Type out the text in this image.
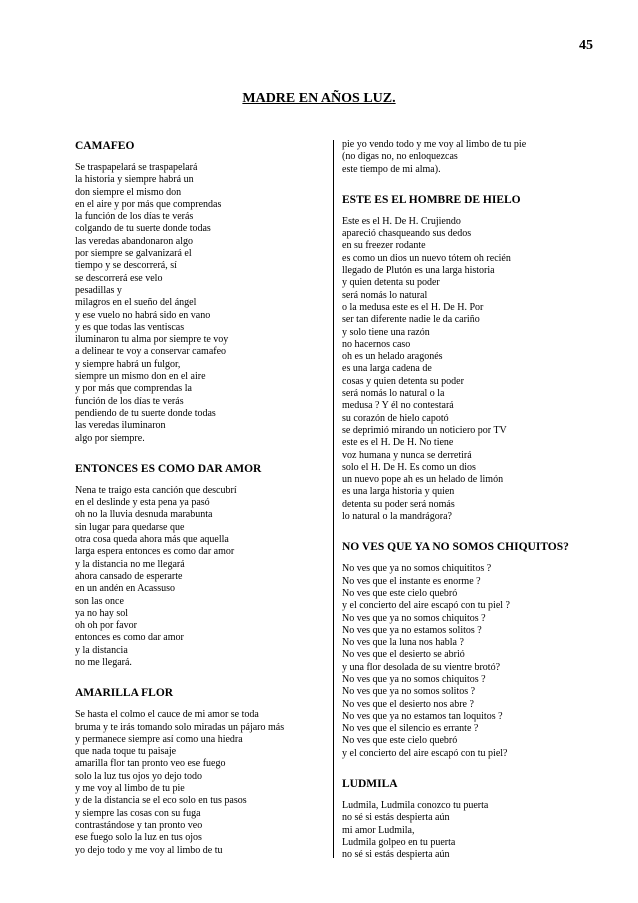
45
MADRE EN AÑOS LUZ.
CAMAFEO
Se traspapelará se traspapelará
la historia y siempre habrá un
don siempre el mismo don
en el aire y por más que comprendas
la función de los días te verás
colgando de tu suerte donde todas
las veredas abandonaron algo
por siempre se galvanizará el
tiempo y se descorrerá, sí
se descorrerá ese velo
pesadillas y
milagros en el sueño del ángel
y ese vuelo no habrá sido en vano
y es que todas las ventiscas
iluminaron tu alma por siempre te voy
a delinear te voy a conservar camafeo
y siempre habrá un fulgor,
siempre un mismo don en el aire
y por más que comprendas la
función de los días te verás
pendiendo de tu suerte donde todas
las veredas iluminaron
algo por siempre.
ENTONCES ES COMO DAR AMOR
Nena te traigo esta canción que descubrí
en el deslinde y esta pena ya pasó
oh no la lluvia desnuda marabunta
sin lugar para quedarse que
otra cosa queda ahora más que aquella
larga espera entonces es como dar amor
y la distancia no me llegará
ahora cansado de esperarte
en un andén en Acassuso
son las once
ya no hay sol
oh oh por favor
entonces es como dar amor
y la distancia
no me llegará.
AMARILLA FLOR
Se hasta el colmo el cauce de mi amor se toda
bruma y te irás tomando solo miradas un pájaro más
y permanece siempre así como una hiedra
que nada toque tu paisaje
amarilla flor tan pronto veo ese fuego
solo la luz tus ojos yo dejo todo
y me voy al limbo de tu pie
y de la distancia se el eco solo en tus pasos
y siempre las cosas con su fuga
contrastándose y tan pronto veo
ese fuego solo la luz en tus ojos
yo dejo todo y me voy al limbo de tu
pie yo vendo todo y me voy al limbo de tu pie
(no digas no, no enloquezcas
este tiempo de mi alma).
ESTE ES EL HOMBRE DE HIELO
Este es el H. De H. Crujiendo
apareció chasqueando sus dedos
en su freezer rodante
es como un dios un nuevo tótem oh recién
llegado de Plutón es una larga historia
y quien detenta su poder
será nomás lo natural
o la medusa este es el H. De H. Por
ser tan diferente nadie le da cariño
y solo tiene una razón
no hacernos caso
oh es un helado aragonés
es una larga cadena de
cosas y quien detenta su poder
será nomás lo natural o la
medusa ? Y él no contestará
su corazón de hielo capotó
se deprimió mirando un noticiero por TV
este es el H. De H. No tiene
voz humana y nunca se derretirá
solo el H. De H. Es como un dios
un nuevo pope ah es un helado de limón
es una larga historia y quien
detenta su poder será nomás
lo natural o la mandrágora?
NO VES QUE YA NO SOMOS CHIQUITOS?
No ves que ya no somos chiquititos ?
No ves que el instante es enorme ?
No ves que este cielo quebró
y el concierto del aire escapó con tu piel ?
No ves que ya no somos chiquitos ?
No ves que ya no estamos solitos ?
No ves que la luna nos habla ?
No ves que el desierto se abrió
y una flor desolada de su vientre brotó?
No ves que ya no somos chiquitos ?
No ves que ya no somos solitos ?
No ves que el desierto nos abre ?
No ves que ya no estamos tan loquitos ?
No ves que el silencio es errante ?
No ves que este cielo quebró
y el concierto del aire escapó con tu piel?
LUDMILA
Ludmila, Ludmila conozco tu puerta
no sé si estás despierta aún
mi amor Ludmila,
Ludmila golpeo en tu puerta
no sé si estás despierta aún
